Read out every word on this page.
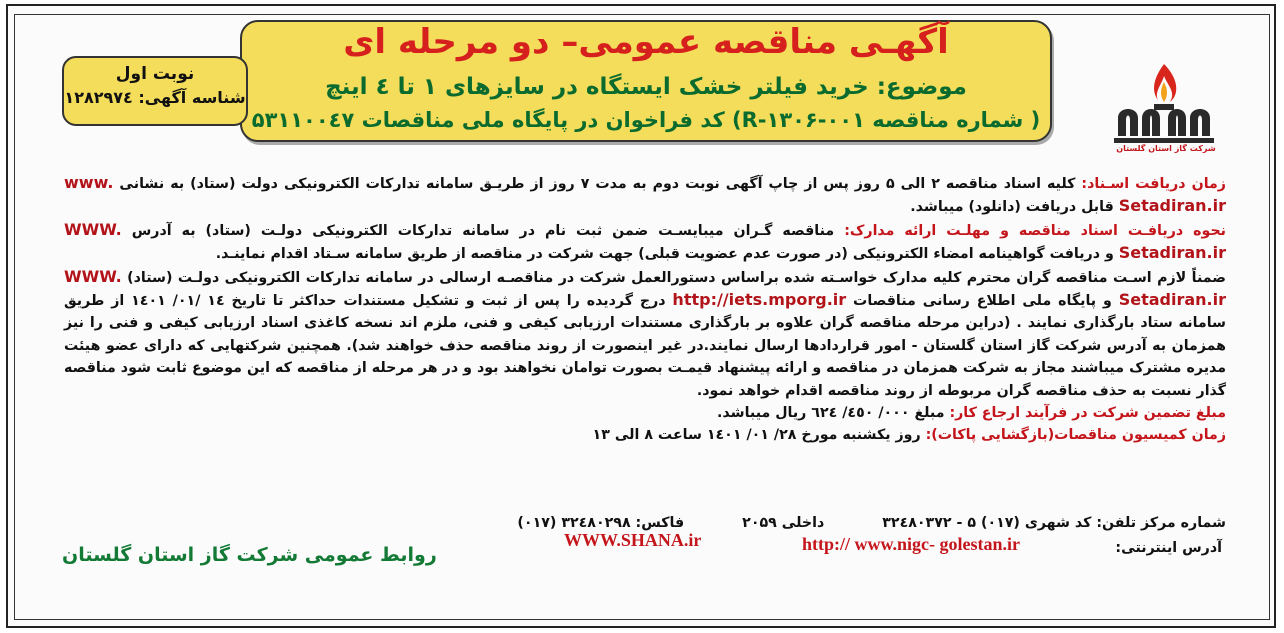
آگهـی مناقصه عمومی– دو مرحله ای
موضوع: خرید فیلتر خشک ایستگاه در سایزهای ۱ تا ٤ اینچ
( شماره مناقصه R-۱۳۰۶-۰۰۱) کد فراخوان در پایگاه ملی مناقصات ۵۳۱۱۰۰٤۷
نوبت اول
شناسه آگهی: ۱۲۸۲۹۷٤
شرکت گاز استان گلستان

زمان دریافت اسـناد: کلیه اسناد مناقصه ۲ الی ۵ روز پس از چاپ آگهی نوبت دوم به مدت ۷ روز از طریـق سامانه تدارکات الکترونیکی دولت (ستاد) به نشانی www. Setadiran.ir قابل دریافت (دانلود) میباشد.

نحوه دریافـت اسناد مناقصه و مهلـت ارائه مدارک: مناقصه گـران میبایسـت ضمن ثبت نام در سامانه تدارکات الکترونیکی دولـت (ستاد) به آدرس WWW. Setadiran.ir و دریافت گواهینامه امضاء الکترونیکی (در صورت عدم عضویت قبلی) جهت شرکت در مناقصه از طریق سامانه سـتاد اقدام نماینـد.

ضمناً لازم اسـت مناقصه گران محترم کلیه مدارک خواسـته شده براساس دستورالعمل شرکت در مناقصـه ارسالی در سامانه تدارکات الکترونیکی دولـت (ستاد) WWW. Setadiran.ir و پایگاه ملی اطلاع رسانی مناقصات http://iets.mporg.ir درج گردیده را پس از ثبت و تشکیل مستندات حداکثر تا تاریخ ١٤ /٠١/ ١٤٠١ از طریق سامانه ستاد بارگذاری نمایند . (دراین مرحله مناقصه گران علاوه بر بارگذاری مستندات ارزیابی کیفی و فنی، ملزم اند نسخه کاغذی اسناد ارزیابی کیفی و فنی را نیز همزمان به آدرس شرکت گاز استان گلستان - امور قراردادها ارسال نمایند.در غیر اینصورت از روند مناقصه حذف خواهند شد). همچنین شرکتهایی که دارای عضو هیئت مدیره مشترک میباشند مجاز به شرکت همزمان در مناقصه و ارائه پیشنهاد قیمـت بصورت توامان نخواهند بود و در هر مرحله از مناقصه که این موضوع ثابت شود مناقصه گذار نسبت به حذف مناقصه گران مربوطه از روند مناقصه اقدام خواهد نمود.

مبلغ تضمین شرکت در فرآیند ارجاع کار: مبلغ ۰۰۰/ ٤٥۰/ ٦٢٤ ریال میباشد.

زمان کمیسیون مناقصات(بازگشایی پاکات): روز یکشنبه مورخ ٢٨/ ٠١/ ١٤٠١ ساعت ٨ الی ١٣

شماره مرکز تلفن: کد شهری (۰۱۷) ۵ - ۳۲٤۸۰۳۷۲داخلی ۲۰۵۹فاکس: ۳۲٤۸۰۲۹۸ (۰۱۷)
آدرس اینترنتی:
http:// www.nigc- golestan.ir
WWW.SHANA.ir
روابط عمومی شرکت گاز استان گلستان
